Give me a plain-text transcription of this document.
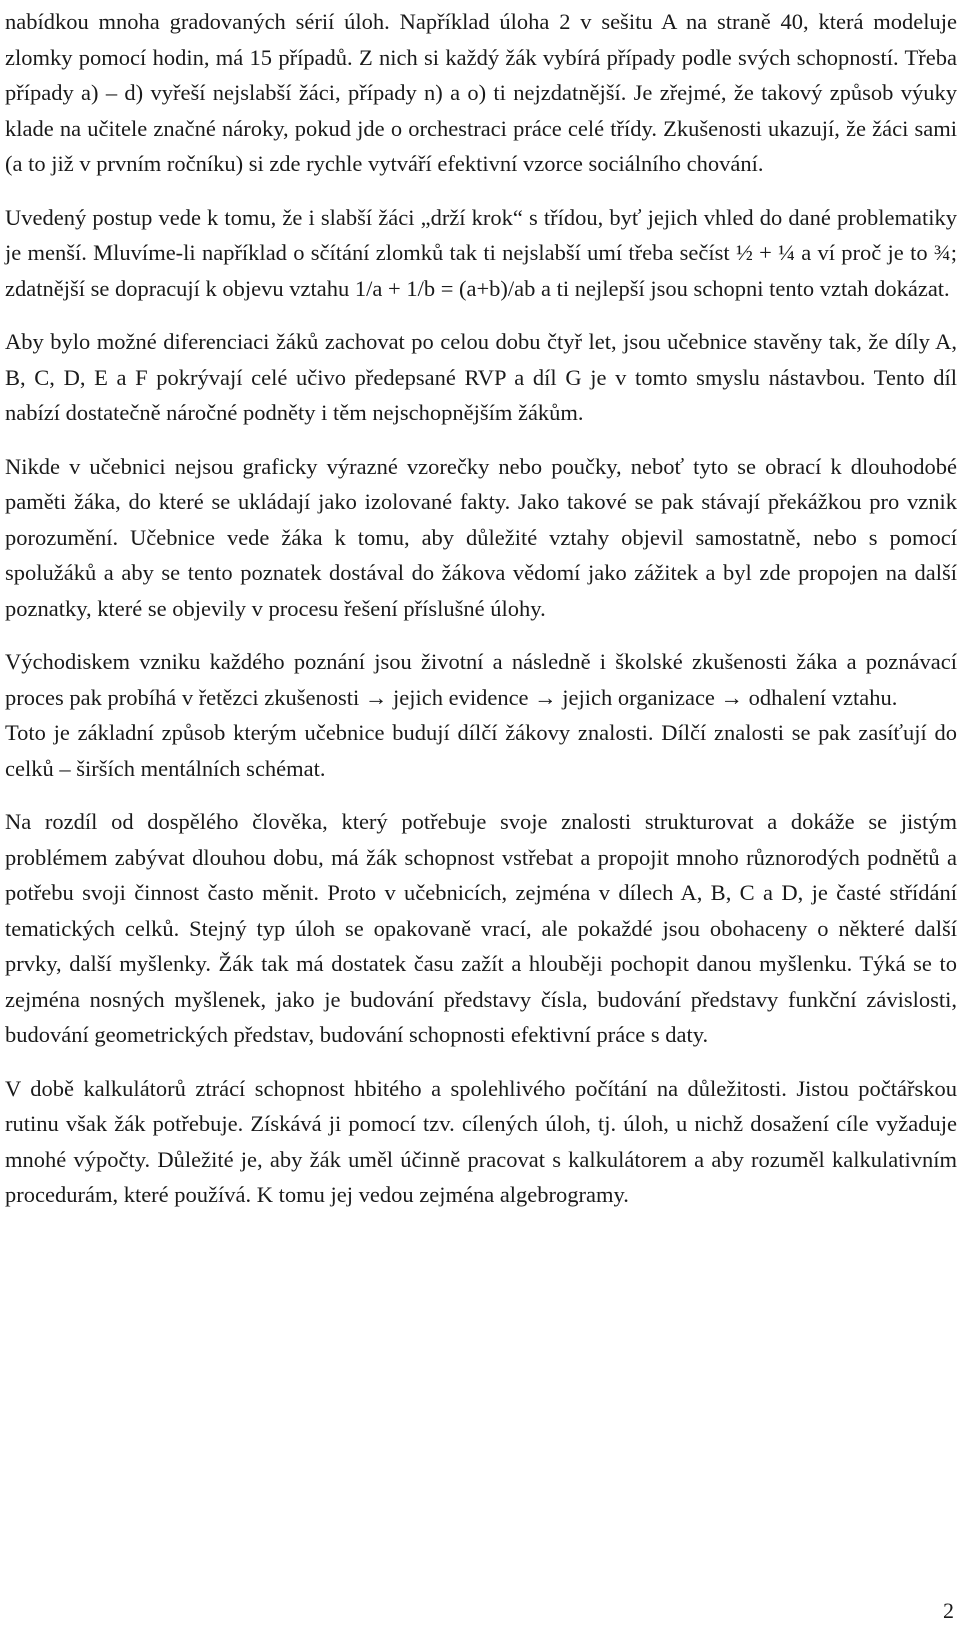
nabídkou mnoha gradovaných sérií úloh. Například úloha 2 v sešitu A na straně 40, která modeluje zlomky pomocí hodin, má 15 případů. Z nich si každý žák vybírá případy podle svých schopností. Třeba případy a) – d) vyřeší nejslabší žáci, případy n) a o) ti nejzdatnější. Je zřejmé, že takový způsob výuky klade na učitele značné nároky, pokud jde o orchestraci práce celé třídy. Zkušenosti ukazují, že žáci sami (a to již v prvním ročníku) si zde rychle vytváří efektivní vzorce sociálního chování.

Uvedený postup vede k tomu, že i slabší žáci „drží krok“ s třídou, byť jejich vhled do dané problematiky je menší. Mluvíme-li například o sčítání zlomků tak ti nejslabší umí třeba sečíst ½ + ¼ a ví proč je to ¾; zdatnější se dopracují k objevu vztahu 1/a + 1/b = (a+b)/ab a ti nejlepší jsou schopni tento vztah dokázat.

Aby bylo možné diferenciaci žáků zachovat po celou dobu čtyř let, jsou učebnice stavěny tak, že díly A, B, C, D, E a F pokrývají celé učivo předepsané RVP a díl G je v tomto smyslu nástavbou. Tento díl nabízí dostatečně náročné podněty i těm nejschopnějším žákům.

Nikde v učebnici nejsou graficky výrazné vzorečky nebo poučky, neboť tyto se obrací k dlouhodobé paměti žáka, do které se ukládají jako izolované fakty. Jako takové se pak stávají překážkou pro vznik porozumění. Učebnice vede žáka k tomu, aby důležité vztahy objevil samostatně, nebo s pomocí spolužáků a aby se tento poznatek dostával do žákova vědomí jako zážitek a byl zde propojen na další poznatky, které se objevily v procesu řešení příslušné úlohy.

Východiskem vzniku každého poznání jsou životní a následně i školské zkušenosti žáka a poznávací proces pak probíhá v řetězci zkušenosti → jejich evidence → jejich organizace → odhalení vztahu.

Toto je základní způsob kterým učebnice budují dílčí žákovy znalosti. Dílčí znalosti se pak zasíťují do celků – širších mentálních schémat.

Na rozdíl od dospělého člověka, který potřebuje svoje znalosti strukturovat a dokáže se jistým problémem zabývat dlouhou dobu, má žák schopnost vstřebat a propojit mnoho různorodých podnětů a potřebu svoji činnost často měnit. Proto v učebnicích, zejména v dílech A, B, C a D, je časté střídání tematických celků. Stejný typ úloh se opakovaně vrací, ale pokaždé jsou obohaceny o některé další prvky, další myšlenky. Žák tak má dostatek času zažít a hlouběji pochopit danou myšlenku. Týká se to zejména nosných myšlenek, jako je budování představy čísla, budování představy funkční závislosti, budování geometrických představ, budování schopnosti efektivní práce s daty.

V době kalkulátorů ztrácí schopnost hbitého a spolehlivého počítání na důležitosti. Jistou počtářskou rutinu však žák potřebuje. Získává ji pomocí tzv. cílených úloh, tj. úloh, u nichž dosažení cíle vyžaduje mnohé výpočty. Důležité je, aby žák uměl účinně pracovat s kalkulátorem a aby rozuměl kalkulativním procedurám, které používá. K tomu jej vedou zejména algebrogramy.

2
